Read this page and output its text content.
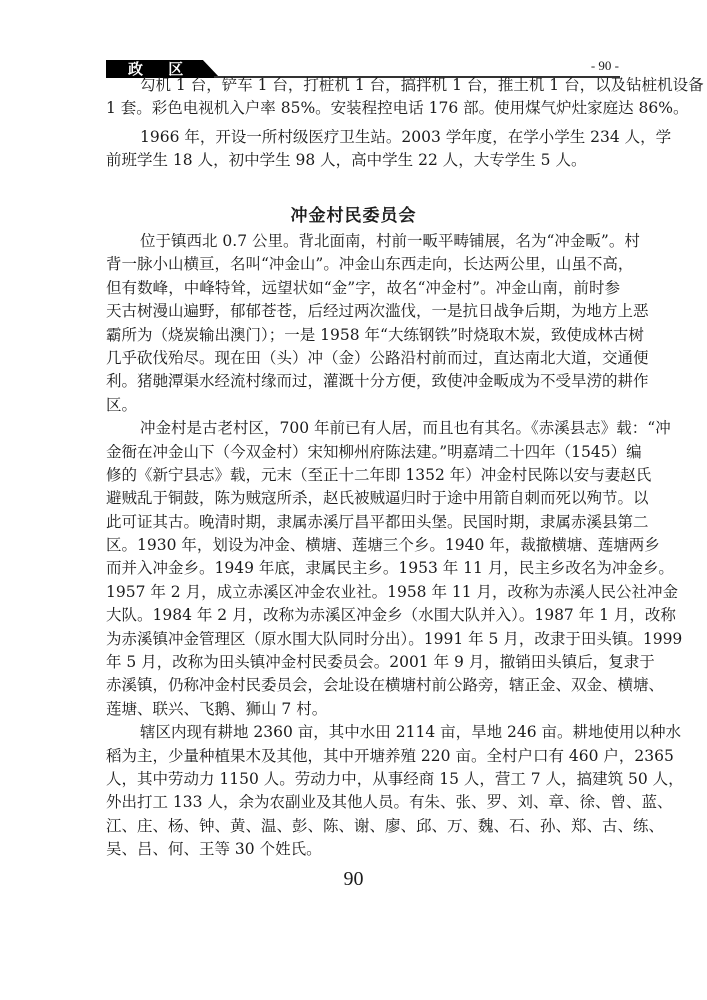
政 区	- 90 -
勾机 1 台，铲车 1 台，打桩机 1 台，搞拌机 1 台，推土机 1 台，以及钻桩机设备
1 套。彩色电视机入户率 85%。安装程控电话 176 部。使用煤气炉灶家庭达 86%。
1966 年，开设一所村级医疗卫生站。2003 学年度，在学小学生 234 人，学
前班学生 18 人，初中学生 98 人，高中学生 22 人，大专学生 5 人。
冲金村民委员会
位于镇西北 0.7 公里。背北面南，村前一畈平畴铺展，名为“冲金畈”。村
背一脉小山横亘，名叫“冲金山”。冲金山东西走向，长达两公里，山虽不高，
但有数峰，中峰特耸，远望状如“金”字，故名“冲金村”。冲金山南，前时参
天古树漫山遍野，郁郁苍苍，后经过两次滥伐，一是抗日战争后期，为地方上恶
霸所为（烧炭输出澳门）；一是 1958 年“大练钢铁”时烧取木炭，致使成林古树
几乎砍伐殆尽。现在田（头）冲（金）公路沿村前而过，直达南北大道，交通便
利。猪毑潭渠水经流村缘而过，灌溉十分方便，致使冲金畈成为不受旱涝的耕作
区。
冲金村是古老村区，700 年前已有人居，而且也有其名。《赤溪县志》载：“冲
金衙在冲金山下（今双金村）宋知柳州府陈法建。”明嘉靖二十四年（1545）编
修的《新宁县志》载，元末（至正十二年即 1352 年）冲金村民陈以安与妻赵氏
避贼乱于铜鼓，陈为贼寇所杀，赵氏被贼逼归时于途中用箭自刺而死以殉节。以
此可证其古。晚清时期，隶属赤溪厅昌平都田头堡。民国时期，隶属赤溪县第二
区。1930 年，划设为冲金、横塘、莲塘三个乡。1940 年，裁撤横塘、莲塘两乡
而并入冲金乡。1949 年底，隶属民主乡。1953 年 11 月，民主乡改名为冲金乡。
1957 年 2 月，成立赤溪区冲金农业社。1958 年 11 月，改称为赤溪人民公社冲金
大队。1984 年 2 月，改称为赤溪区冲金乡（水围大队并入）。1987 年 1 月，改称
为赤溪镇冲金管理区（原水围大队同时分出）。1991 年 5 月，改隶于田头镇。1999
年 5 月，改称为田头镇冲金村民委员会。2001 年 9 月，撤销田头镇后，复隶于
赤溪镇，仍称冲金村民委员会，会址设在横塘村前公路旁，辖正金、双金、横塘、
莲塘、联兴、飞鹅、狮山 7 村。
辖区内现有耕地 2360 亩，其中水田 2114 亩，旱地 246 亩。耕地使用以种水
稻为主，少量种植果木及其他，其中开塘养殖 220 亩。全村户口有 460 户，2365
人，其中劳动力 1150 人。劳动力中，从事经商 15 人，营工 7 人，搞建筑 50 人，
外出打工 133 人，余为农副业及其他人员。有朱、张、罗、刘、章、徐、曾、蓝、
江、庄、杨、钟、黄、温、彭、陈、谢、廖、邱、万、魏、石、孙、郑、古、练、
吴、吕、何、王等 30 个姓氏。
90
